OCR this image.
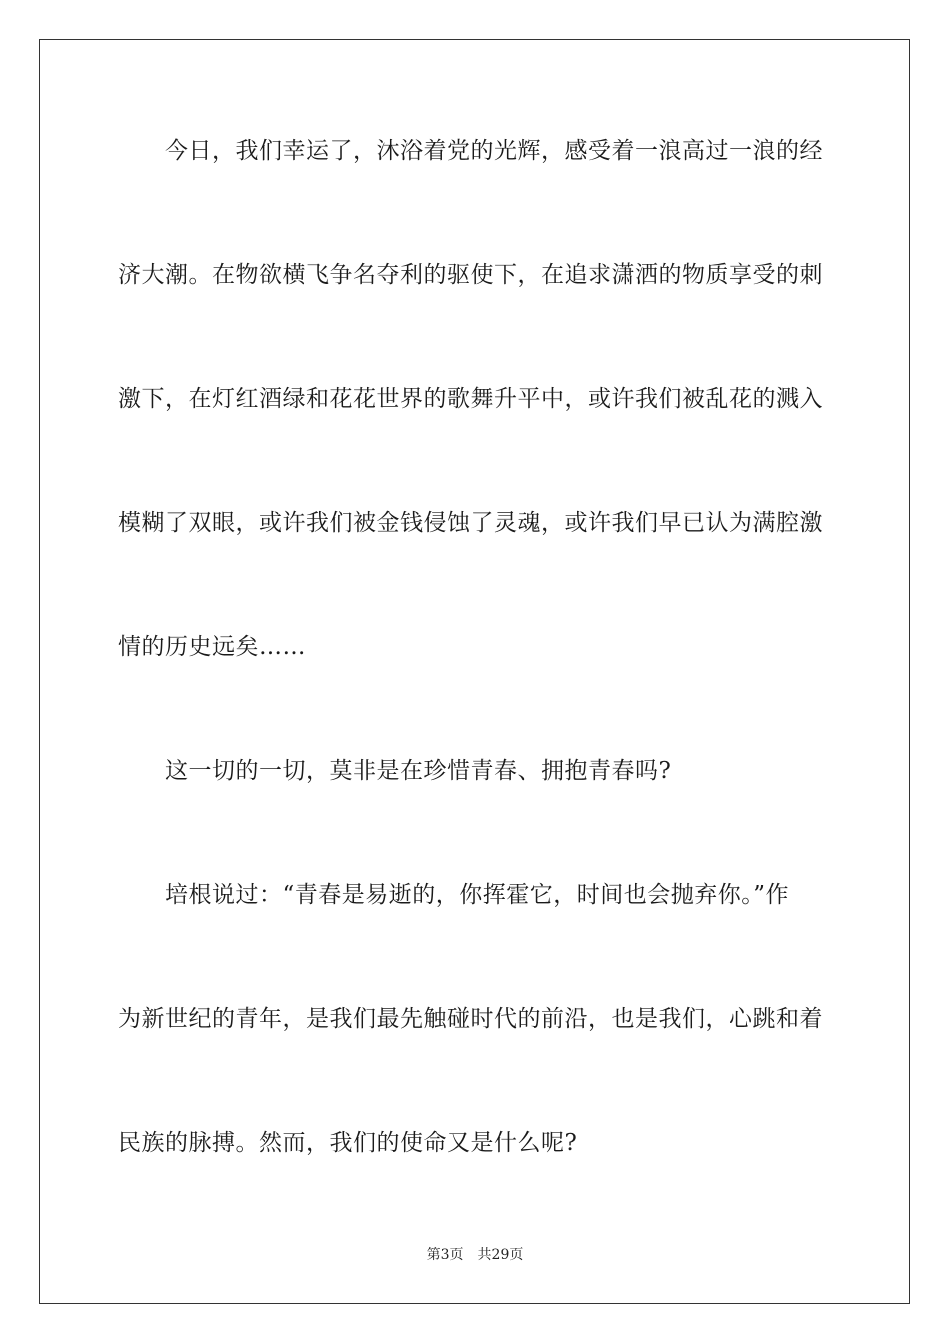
今日，我们幸运了，沐浴着党的光辉，感受着一浪高过一浪的经
济大潮。在物欲横飞争名夺利的驱使下，在追求潇洒的物质享受的刺
激下，在灯红酒绿和花花世界的歌舞升平中，或许我们被乱花的溅入
模糊了双眼，或许我们被金钱侵蚀了灵魂，或许我们早已认为满腔激
情的历史远矣……
这一切的一切，莫非是在珍惜青春、拥抱青春吗?
培根说过：“青春是易逝的，你挥霍它，时间也会抛弃你。”作
为新世纪的青年，是我们最先触碰时代的前沿，也是我们，心跳和着
民族的脉搏。然而，我们的使命又是什么呢?
第3页 共29页
